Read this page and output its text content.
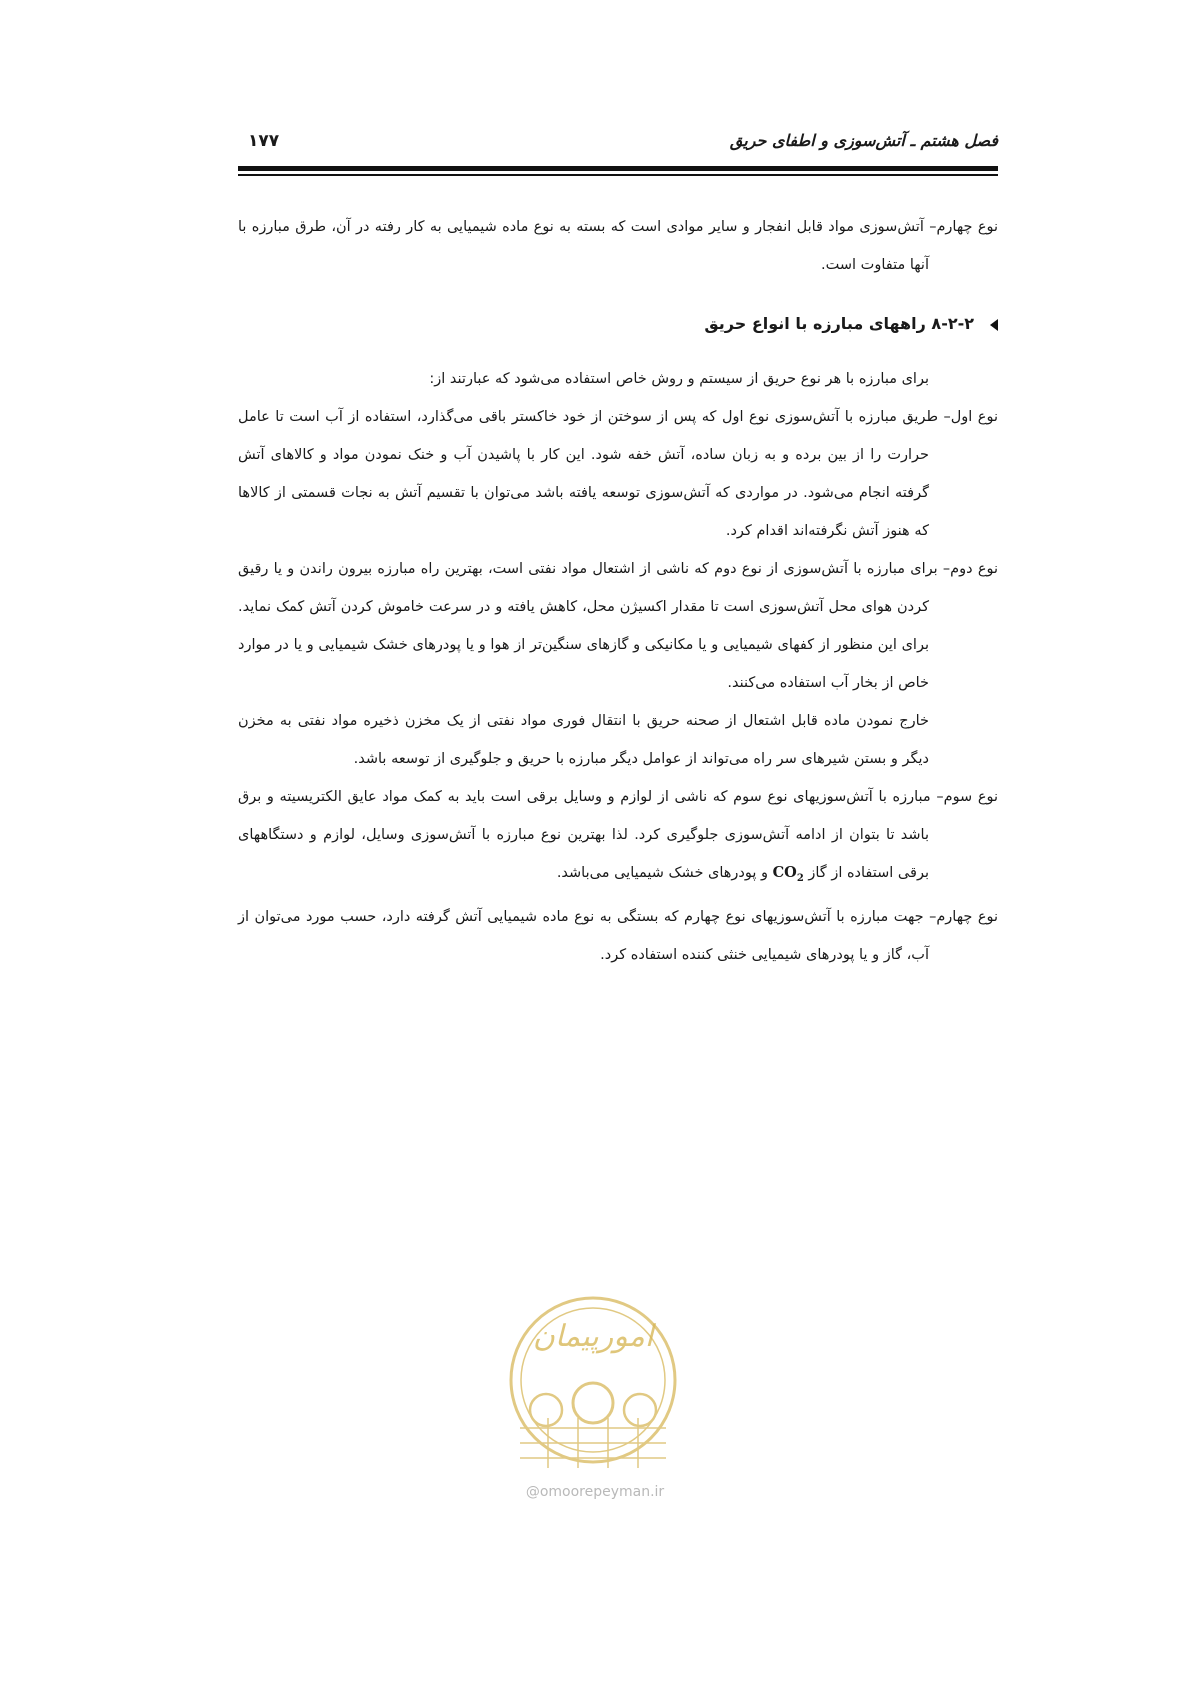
فصل هشتم ـ آتش‌سوزی و اطفای حریق
۱۷۷

نوع چهارم– آتش‌سوزی مواد قابل انفجار و سایر موادی است که بسته به نوع ماده شیمیایی به کار رفته در آن، طرق مبارزه با آنها متفاوت است.

۸-۲-۲ راههای مبارزه با انواع حریق

برای مبارزه با هر نوع حریق از سیستم و روش خاص استفاده می‌شود که عبارتند از:

نوع اول– طریق مبارزه با آتش‌سوزی نوع اول که پس از سوختن از خود خاکستر باقی می‌گذارد، استفاده از آب است تا عامل حرارت را از بین برده و به زبان ساده، آتش خفه شود. این کار با پاشیدن آب و خنک نمودن مواد و کالاهای آتش گرفته انجام می‌شود. در مواردی که آتش‌سوزی توسعه یافته باشد می‌توان با تقسیم آتش به نجات قسمتی از کالاها که هنوز آتش نگرفته‌اند اقدام کرد.

نوع دوم– برای مبارزه با آتش‌سوزی از نوع دوم که ناشی از اشتعال مواد نفتی است، بهترین راه مبارزه بیرون راندن و یا رقیق کردن هوای محل آتش‌سوزی است تا مقدار اکسیژن محل، کاهش یافته و در سرعت خاموش کردن آتش کمک نماید. برای این منظور از کفهای شیمیایی و یا مکانیکی و گازهای سنگین‌تر از هوا و یا پودرهای خشک شیمیایی و یا در موارد خاص از بخار آب استفاده می‌کنند.

خارج نمودن ماده قابل اشتعال از صحنه حریق با انتقال فوری مواد نفتی از یک مخزن ذخیره مواد نفتی به مخزن دیگر و بستن شیرهای سر راه می‌تواند از عوامل دیگر مبارزه با حریق و جلوگیری از توسعه باشد.

نوع سوم– مبارزه با آتش‌سوزیهای نوع سوم که ناشی از لوازم و وسایل برقی است باید به کمک مواد عایق الکتریسیته و برق باشد تا بتوان از ادامه آتش‌سوزی جلوگیری کرد. لذا بهترین نوع مبارزه با آتش‌سوزی وسایل، لوازم و دستگاههای برقی استفاده از گاز $CO_2$ و پودرهای خشک شیمیایی می‌باشد.

نوع چهارم– جهت مبارزه با آتش‌سوزیهای نوع چهارم که بستگی به نوع ماده شیمیایی آتش گرفته دارد، حسب مورد می‌توان از آب، گاز و یا پودرهای شیمیایی خنثی کننده استفاده کرد.

امورپیمان
@omoorepeyman.ir
